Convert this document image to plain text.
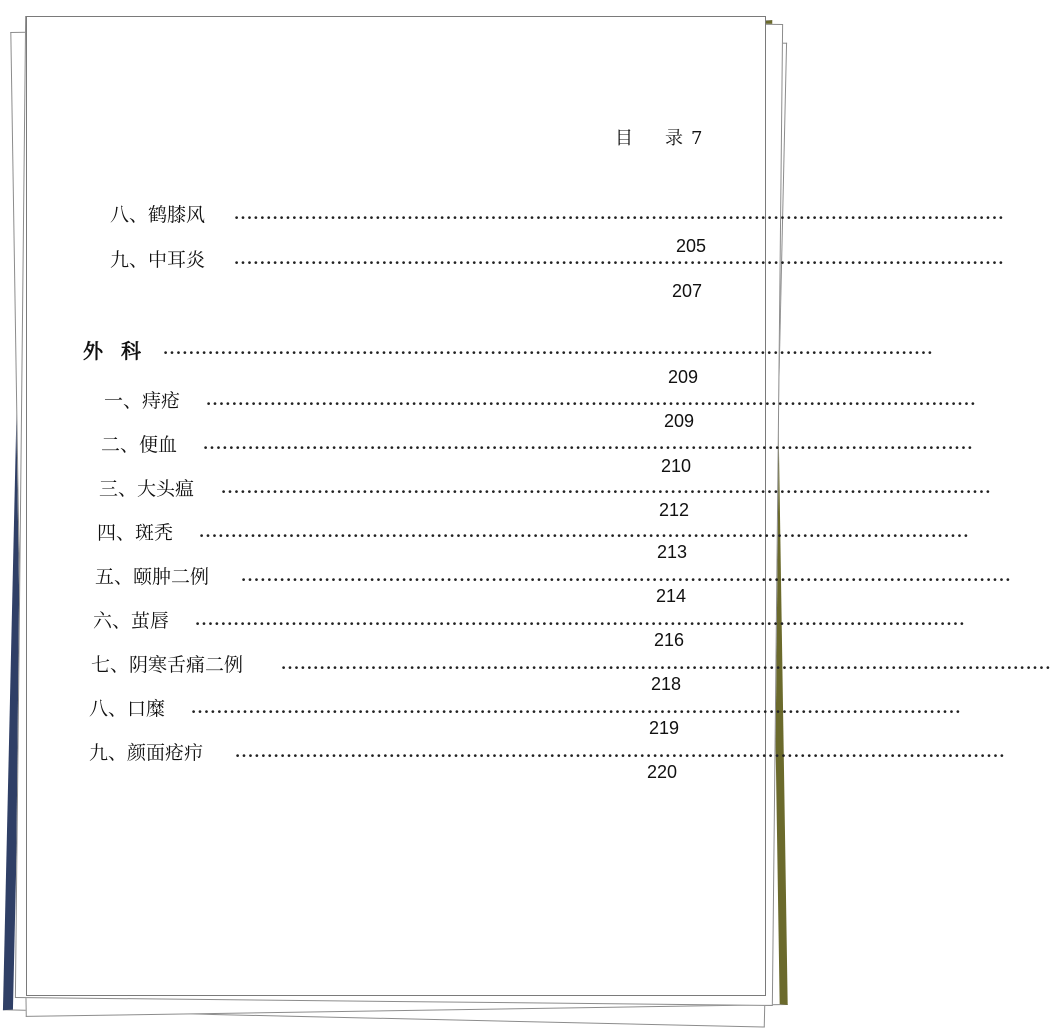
目 录 7
八、鹤膝风 ························································································································
205
九、中耳炎 ························································································································
207
外 科 ························································································································
209
一、痔疮 ························································································································
209
二、便血 ························································································································
210
三、大头瘟 ························································································································
212
四、斑秃 ························································································································
213
五、颐肿二例 ························································································································
214
六、茧唇 ························································································································
216
七、阴寒舌痛二例	························································································································
218
八、口糜 ························································································································
219
九、颜面疮疖 ························································································································
220
